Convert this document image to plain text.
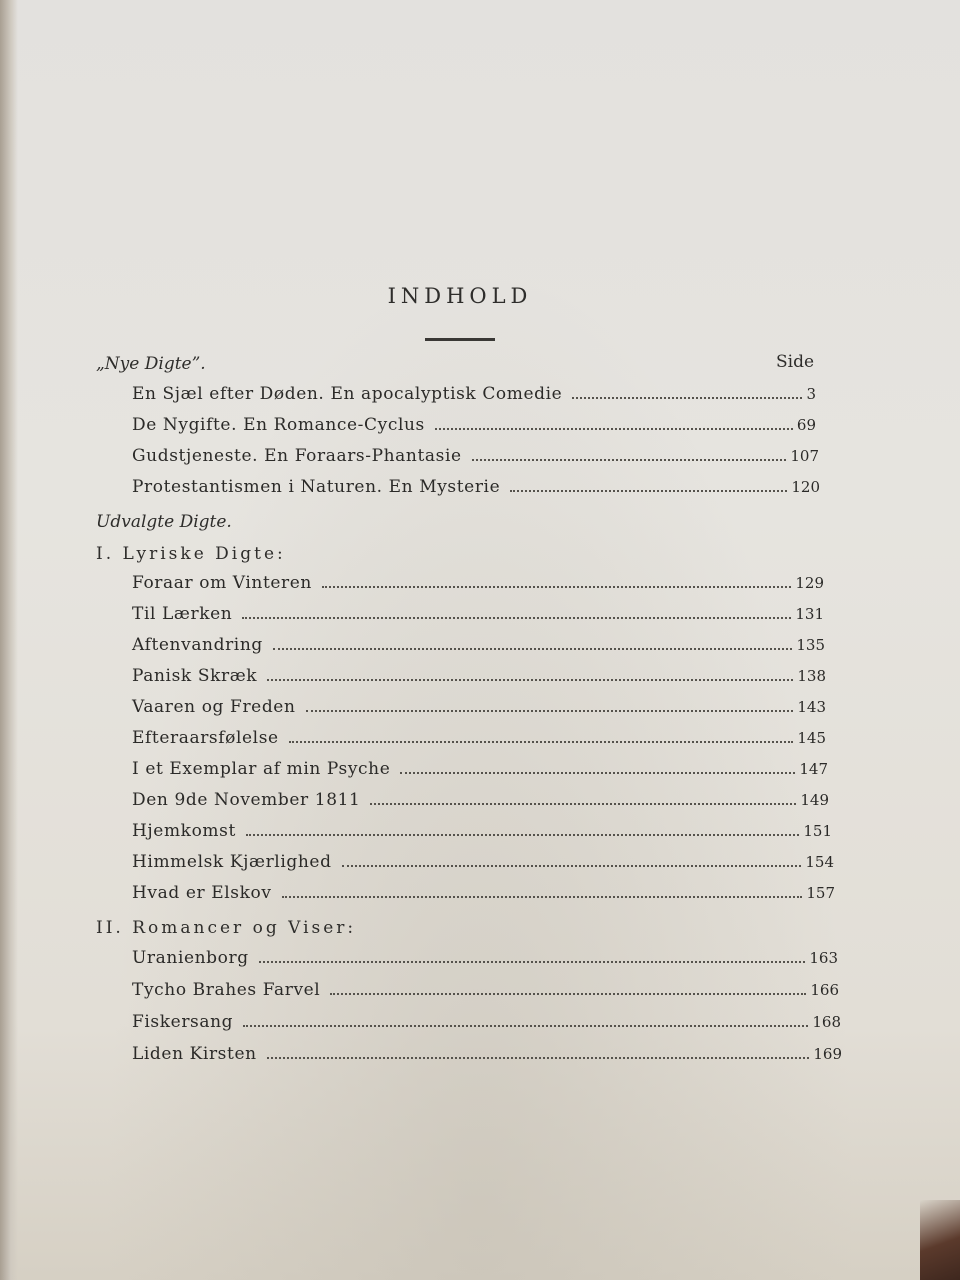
INDHOLD
Side
„Nye Digte”.
En Sjæl efter Døden. En apocalyptisk Comedie	3
De Nygifte. En Romance-Cyclus	69
Gudstjeneste. En Foraars-Phantasie	107
Protestantismen i Naturen. En Mysterie	120
Udvalgte Digte.
I. Lyriske Digte:
Foraar om Vinteren	129
Til Lærken	131
Aftenvandring	135
Panisk Skræk	138
Vaaren og Freden	143
Efteraarsfølelse	145
I et Exemplar af min Psyche	147
Den 9de November 1811	149
Hjemkomst	151
Himmelsk Kjærlighed	154
Hvad er Elskov	157
II. Romancer og Viser:
Uranienborg	163
Tycho Brahes Farvel	166
Fiskersang	168
Liden Kirsten	169
